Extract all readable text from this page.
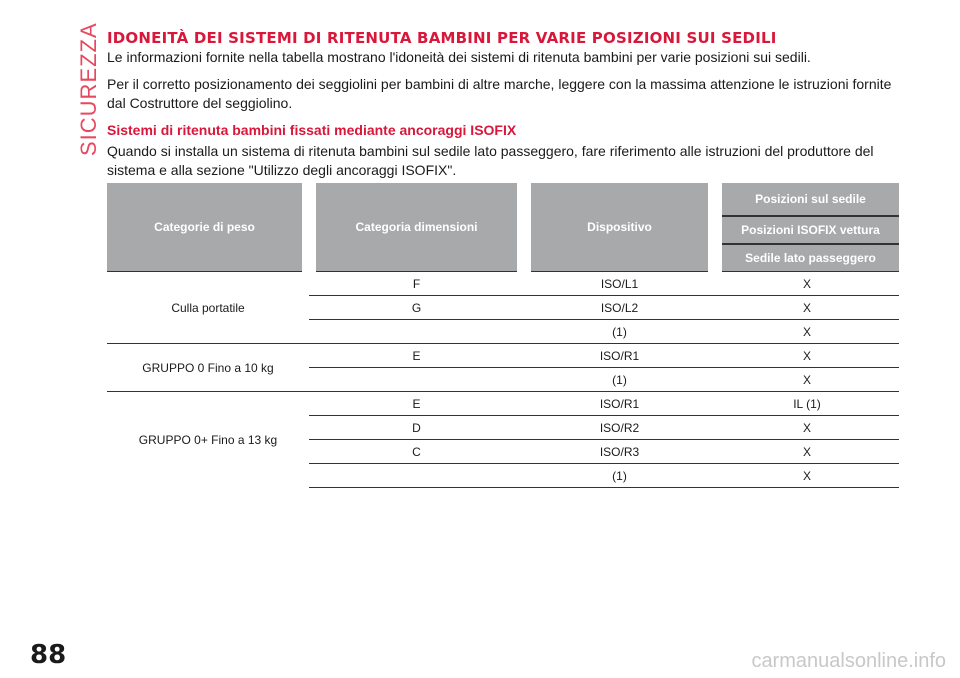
SICUREZZA IDONEITÀ DEI SISTEMI DI RITENUTA BAMBINI PER VARIE POSIZIONI SUI SEDILI

Le informazioni fornite nella tabella mostrano l'idoneità dei sistemi di ritenuta bambini per varie posizioni sui sedili.

Per il corretto posizionamento dei seggiolini per bambini di altre marche, leggere con la massima attenzione le istruzioni fornite dal Costruttore del seggiolino.

Sistemi di ritenuta bambini fissati mediante ancoraggi ISOFIX

Quando si installa un sistema di ritenuta bambini sul sedile lato passeggero, fare riferimento alle istruzioni del produttore del sistema e alla sezione "Utilizzo degli ancoraggi ISOFIX".

Categorie di peso	Categoria dimensioni	Dispositivo	Posizioni sul sedile
			Posizioni ISOFIX vettura
			Sedile lato passeggero
Culla portatile	F	ISO/L1	X
	G	ISO/L2	X
		(1)	X
GRUPPO 0 Fino a 10 kg	E	ISO/R1	X
		(1)	X
GRUPPO 0+ Fino a 13 kg	E	ISO/R1	IL (1)
	D	ISO/R2	X
	C	ISO/R3	X
		(1)	X
88	carmanualsonline.info
